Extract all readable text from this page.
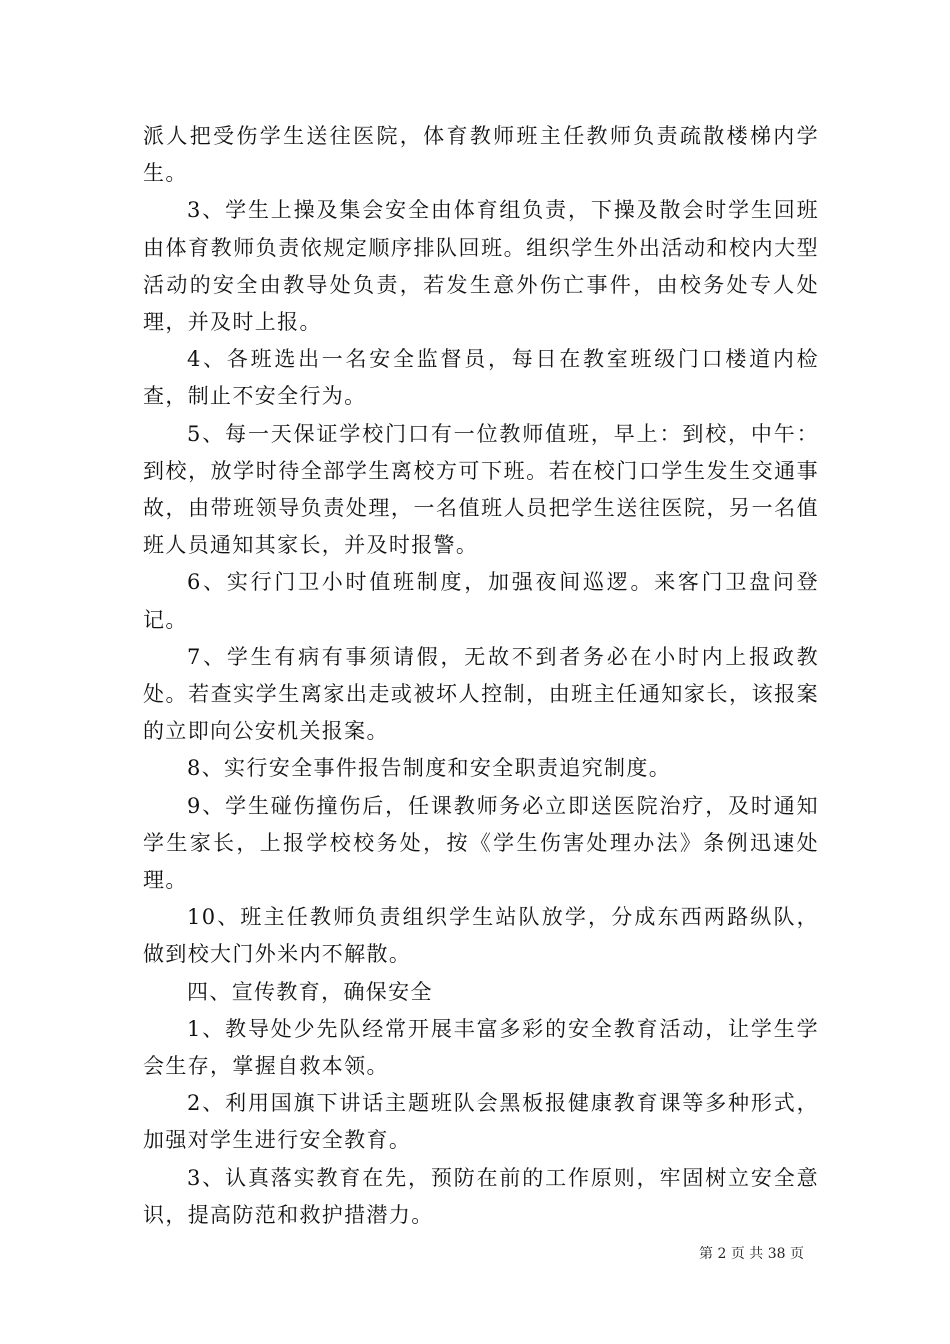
派人把受伤学生送往医院，体育教师班主任教师负责疏散楼梯内学生。

3、学生上操及集会安全由体育组负责，下操及散会时学生回班由体育教师负责依规定顺序排队回班。组织学生外出活动和校内大型活动的安全由教导处负责，若发生意外伤亡事件，由校务处专人处理，并及时上报。

4、各班选出一名安全监督员，每日在教室班级门口楼道内检查，制止不安全行为。

5、每一天保证学校门口有一位教师值班，早上：到校，中午：到校，放学时待全部学生离校方可下班。若在校门口学生发生交通事故，由带班领导负责处理，一名值班人员把学生送往医院，另一名值班人员通知其家长，并及时报警。

6、实行门卫小时值班制度，加强夜间巡逻。来客门卫盘问登记。

7、学生有病有事须请假，无故不到者务必在小时内上报政教处。若查实学生离家出走或被坏人控制，由班主任通知家长，该报案的立即向公安机关报案。

8、实行安全事件报告制度和安全职责追究制度。

9、学生碰伤撞伤后，任课教师务必立即送医院治疗，及时通知学生家长，上报学校校务处，按《学生伤害处理办法》条例迅速处理。

10、班主任教师负责组织学生站队放学，分成东西两路纵队，做到校大门外米内不解散。

四、宣传教育，确保安全

1、教导处少先队经常开展丰富多彩的安全教育活动，让学生学会生存，掌握自救本领。

2、利用国旗下讲话主题班队会黑板报健康教育课等多种形式，加强对学生进行安全教育。

3、认真落实教育在先，预防在前的工作原则，牢固树立安全意识，提高防范和救护措潜力。

第 2 页 共 38 页
